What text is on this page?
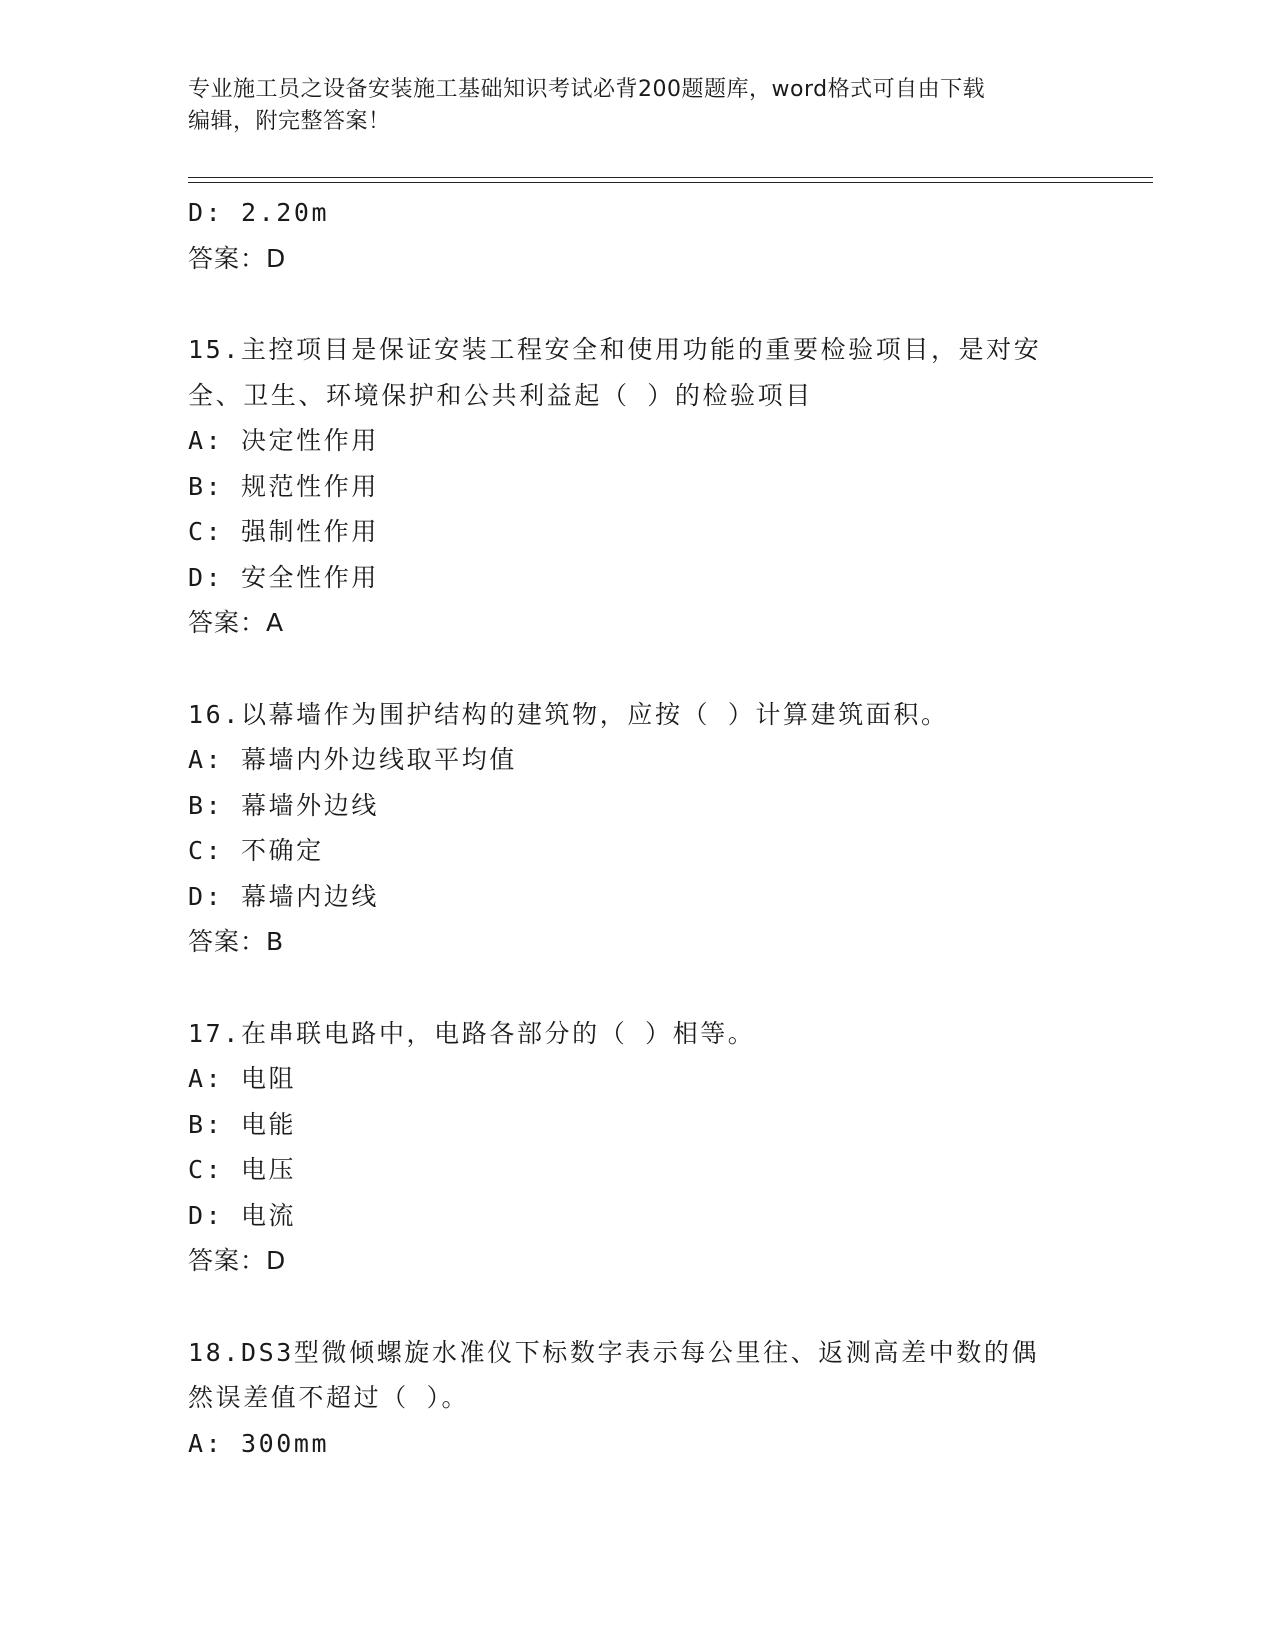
专业施工员之设备安装施工基础知识考试必背200题题库，word格式可自由下载
编辑，附完整答案！
D: 2.20m
答案：D
15.主控项目是保证安装工程安全和使用功能的重要检验项目，是对安
全、卫生、环境保护和公共利益起（ ）的检验项目
A: 决定性作用
B: 规范性作用
C: 强制性作用
D: 安全性作用
答案：A
16.以幕墙作为围护结构的建筑物，应按（ ）计算建筑面积。
A: 幕墙内外边线取平均值
B: 幕墙外边线
C: 不确定
D: 幕墙内边线
答案：B
17.在串联电路中，电路各部分的（ ）相等。
A: 电阻
B: 电能
C: 电压
D: 电流
答案：D
18.DS3型微倾螺旋水准仪下标数字表示每公里往、返测高差中数的偶
然误差值不超过（ ）。
A: 300mm
